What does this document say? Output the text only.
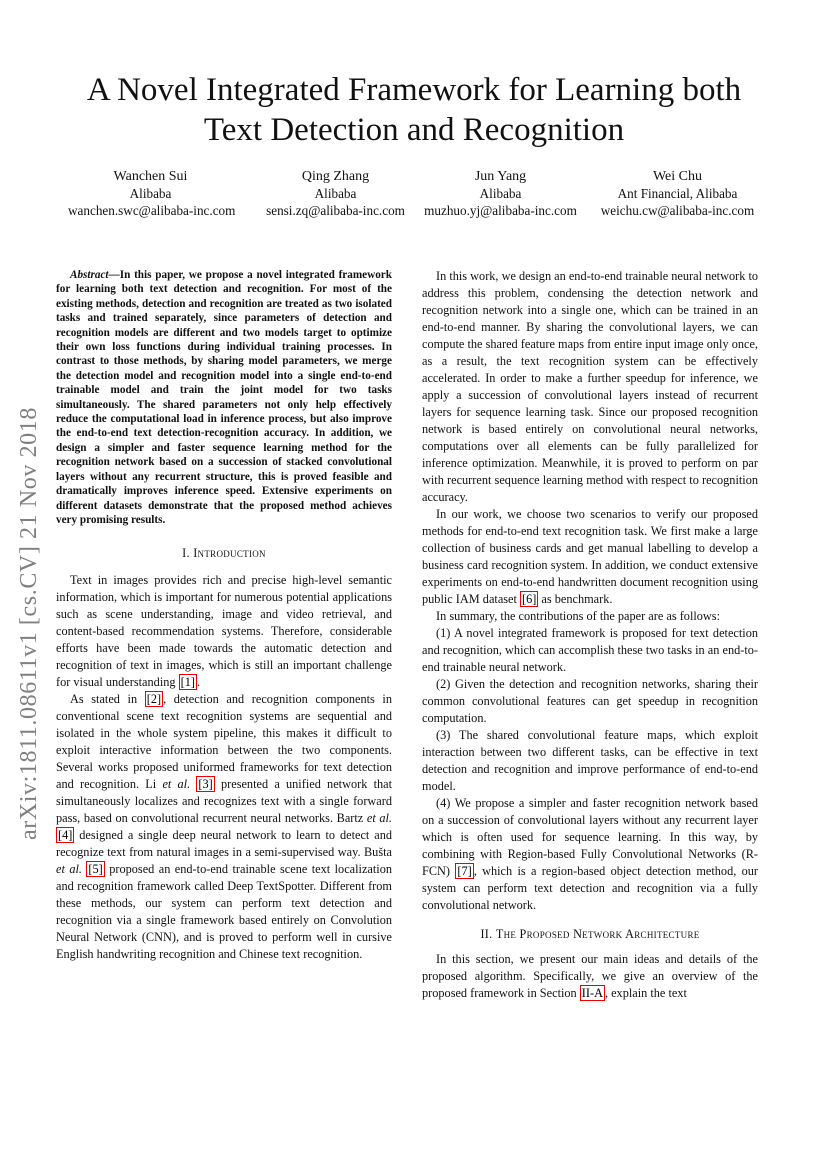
A Novel Integrated Framework for Learning both
Text Detection and Recognition
Wanchen Sui
Alibaba
wanchen.swc@alibaba-inc.com
Qing Zhang
Alibaba
sensi.zq@alibaba-inc.com
Jun Yang
Alibaba
muzhuo.yj@alibaba-inc.com
Wei Chu
Ant Financial, Alibaba
weichu.cw@alibaba-inc.com
arXiv:1811.08611v1 [cs.CV] 21 Nov 2018

Abstract—In this paper, we propose a novel integrated framework for learning both text detection and recognition. For most of the existing methods, detection and recognition are treated as two isolated tasks and trained separately, since parameters of detection and recognition models are different and two models target to optimize their own loss functions during individual training processes. In contrast to those methods, by sharing model parameters, we merge the detection model and recognition model into a single end-to-end trainable model and train the joint model for two tasks simultaneously. The shared parameters not only help effectively reduce the computational load in inference process, but also improve the end-to-end text detection-recognition accuracy. In addition, we design a simpler and faster sequence learning method for the recognition network based on a succession of stacked convolutional layers without any recurrent structure, this is proved feasible and dramatically improves inference speed. Extensive experiments on different datasets demonstrate that the proposed method achieves very promising results.

I. Introduction

Text in images provides rich and precise high-level semantic information, which is important for numerous potential applications such as scene understanding, image and video retrieval, and content-based recommendation systems. Therefore, considerable efforts have been made towards the automatic detection and recognition of text in images, which is still an important challenge for visual understanding [1] .

As stated in [2] , detection and recognition components in conventional scene text recognition systems are sequential and isolated in the whole system pipeline, this makes it difficult to exploit interactive information between the two components. Several works proposed uniformed frameworks for text detection and recognition. Li et al. [3] presented a unified network that simultaneously localizes and recognizes text with a single forward pass, based on convolutional recurrent neural networks. Bartz et al. [4] designed a single deep neural network to learn to detect and recognize text from natural images in a semi-supervised way. Bušta et al. [5] proposed an end-to-end trainable scene text localization and recognition framework called Deep TextSpotter. Different from these methods, our system can perform text detection and recognition via a single framework based entirely on Convolution Neural Network (CNN), and is proved to perform well in cursive English handwriting recognition and Chinese text recognition.

In this work, we design an end-to-end trainable neural network to address this problem, condensing the detection network and recognition network into a single one, which can be trained in an end-to-end manner. By sharing the convolutional layers, we can compute the shared feature maps from entire input image only once, as a result, the text recognition system can be effectively accelerated. In order to make a further speedup for inference, we apply a succession of convolutional layers instead of recurrent layers for sequence learning task. Since our proposed recognition network is based entirely on convolutional neural networks, computations over all elements can be fully parallelized for inference optimization. Meanwhile, it is proved to perform on par with recurrent sequence learning method with respect to recognition accuracy.

In our work, we choose two scenarios to verify our proposed methods for end-to-end text recognition task. We first make a large collection of business cards and get manual labelling to develop a business card recognition system. In addition, we conduct extensive experiments on end-to-end handwritten document recognition using public IAM dataset [6] as benchmark.

In summary, the contributions of the paper are as follows:

(1) A novel integrated framework is proposed for text detection and recognition, which can accomplish these two tasks in an end-to-end trainable neural network.

(2) Given the detection and recognition networks, sharing their common convolutional features can get speedup in recognition computation.

(3) The shared convolutional feature maps, which exploit interaction between two different tasks, can be effective in text detection and recognition and improve performance of end-to-end model.

(4) We propose a simpler and faster recognition network based on a succession of convolutional layers without any recurrent layer which is often used for sequence learning. In this way, by combining with Region-based Fully Convolutional Networks (R-FCN) [7] , which is a region-based object detection method, our system can perform text detection and recognition via a fully convolutional network.

II. The Proposed Network Architecture

In this section, we present our main ideas and details of the proposed algorithm. Specifically, we give an overview of the proposed framework in Section II-A , explain the text
